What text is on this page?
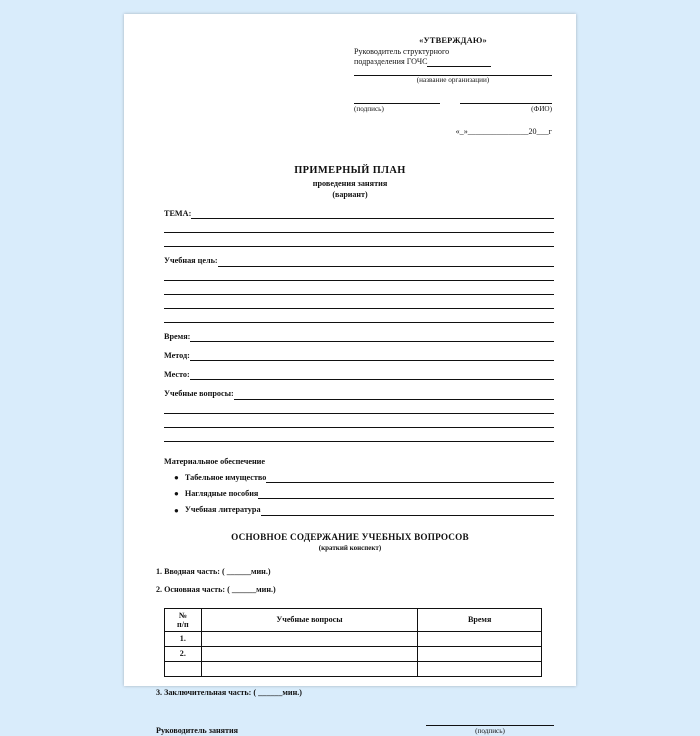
«УТВЕРЖДАЮ»
Руководитель структурного
подразделения ГОЧС
(название организации)
(подпись)	(ФИО)
«_»_______________20___г
ПРИМЕРНЫЙ ПЛАН
проведения занятия
(вариант)
ТЕМА:
Учебная цель:
Время:
Метод:
Место:
Учебные вопросы:
Материальное обеспечение
● Табельное имущество
● Наглядные пособия
● Учебная литература
ОСНОВНОЕ СОДЕРЖАНИЕ УЧЕБНЫХ ВОПРОСОВ
(краткий конспект)
1. Вводная часть: ( ______мин.)
2. Основная часть: ( ______мин.)
№
п/п	Учебные вопросы	Время
1.		
2.		

3. Заключительная часть: ( ______мин.)
Руководитель занятия	(подпись)
